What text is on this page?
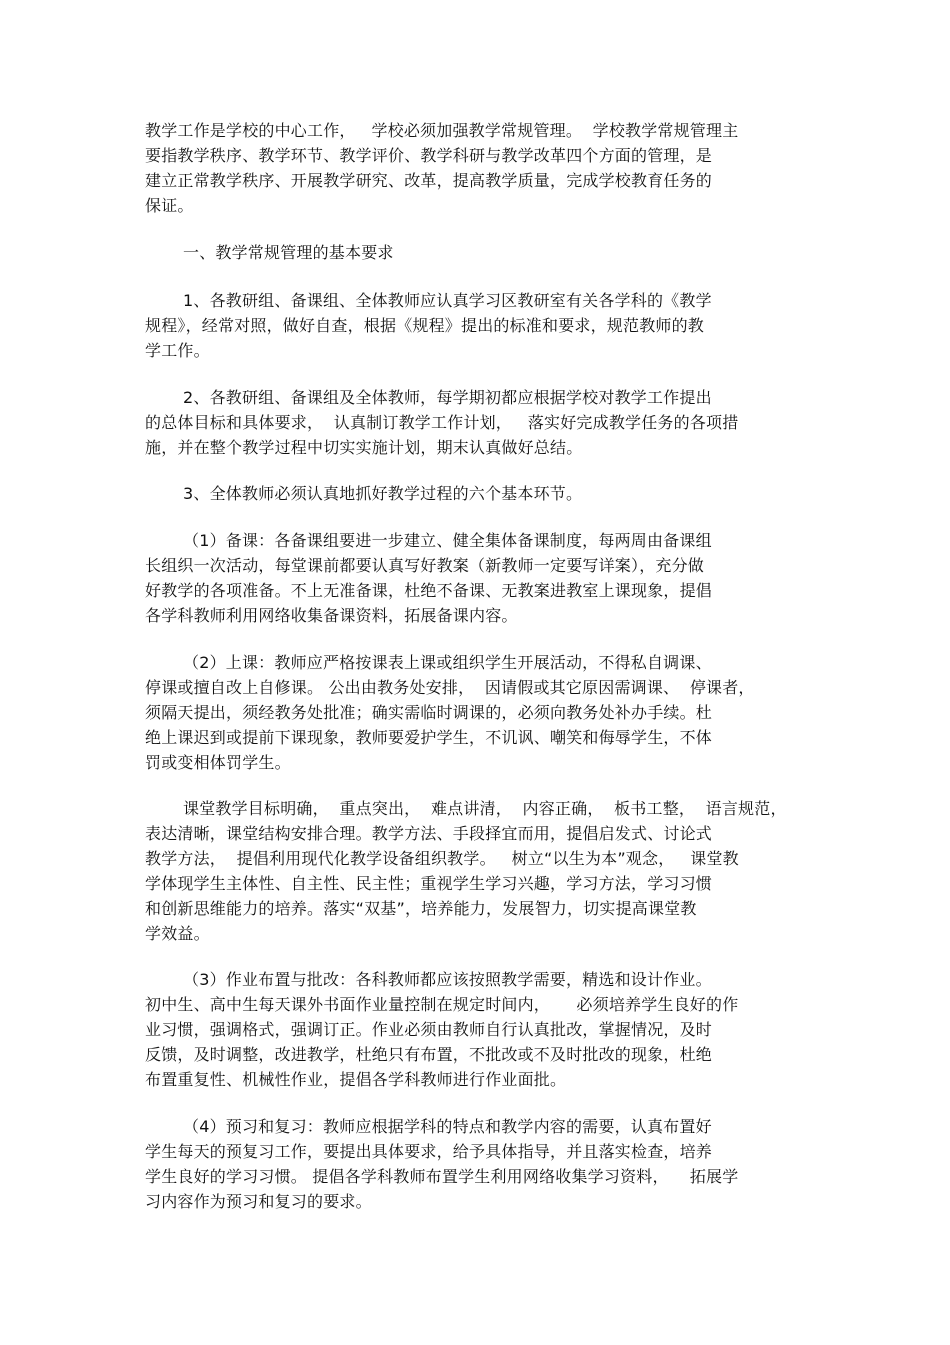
教学工作是学校的中心工作，   学校必须加强教学常规管理。  学校教学常规管理主
要指教学秩序、教学环节、教学评价、教学科研与教学改革四个方面的管理，是
建立正常教学秩序、开展教学研究、改革，提高教学质量，完成学校教育任务的
保证。
一、教学常规管理的基本要求
1、各教研组、备课组、全体教师应认真学习区教研室有关各学科的《教学
规程》，经常对照，做好自查，根据《规程》提出的标准和要求，规范教师的教
学工作。
2、各教研组、备课组及全体教师，每学期初都应根据学校对教学工作提出
的总体目标和具体要求，  认真制订教学工作计划，   落实好完成教学任务的各项措
施，并在整个教学过程中切实实施计划，期末认真做好总结。
3、全体教师必须认真地抓好教学过程的六个基本环节。
（1）备课：各备课组要进一步建立、健全集体备课制度，每两周由备课组
长组织一次活动，每堂课前都要认真写好教案（新教师一定要写详案），充分做
好教学的各项准备。不上无准备课，杜绝不备课、无教案进教室上课现象，提倡
各学科教师利用网络收集备课资料，拓展备课内容。
（2）上课：教师应严格按课表上课或组织学生开展活动，不得私自调课、
停课或擅自改上自修课。 公出由教务处安排，  因请假或其它原因需调课、  停课者，
须隔天提出，须经教务处批准；确实需临时调课的，必须向教务处补办手续。杜
绝上课迟到或提前下课现象，教师要爱护学生，不讥讽、嘲笑和侮辱学生，不体
罚或变相体罚学生。
课堂教学目标明确，  重点突出，  难点讲清，  内容正确，  板书工整，  语言规范，
表达清晰，课堂结构安排合理。教学方法、手段择宜而用，提倡启发式、讨论式
教学方法，  提倡利用现代化教学设备组织教学。   树立“以生为本”观念，   课堂教
学体现学生主体性、自主性、民主性；重视学生学习兴趣，学习方法，学习习惯
和创新思维能力的培养。落实“双基”，培养能力，发展智力，切实提高课堂教
学效益。
（3）作业布置与批改：各科教师都应该按照教学需要，精选和设计作业。
初中生、高中生每天课外书面作业量控制在规定时间内，     必须培养学生良好的作
业习惯，强调格式，强调订正。作业必须由教师自行认真批改，掌握情况，及时
反馈，及时调整，改进教学，杜绝只有布置，不批改或不及时批改的现象，杜绝
布置重复性、机械性作业，提倡各学科教师进行作业面批。
（4）预习和复习：教师应根据学科的特点和教学内容的需要，认真布置好
学生每天的预复习工作，要提出具体要求，给予具体指导，并且落实检查，培养
学生良好的学习习惯。 提倡各学科教师布置学生利用网络收集学习资料，    拓展学
习内容作为预习和复习的要求。
